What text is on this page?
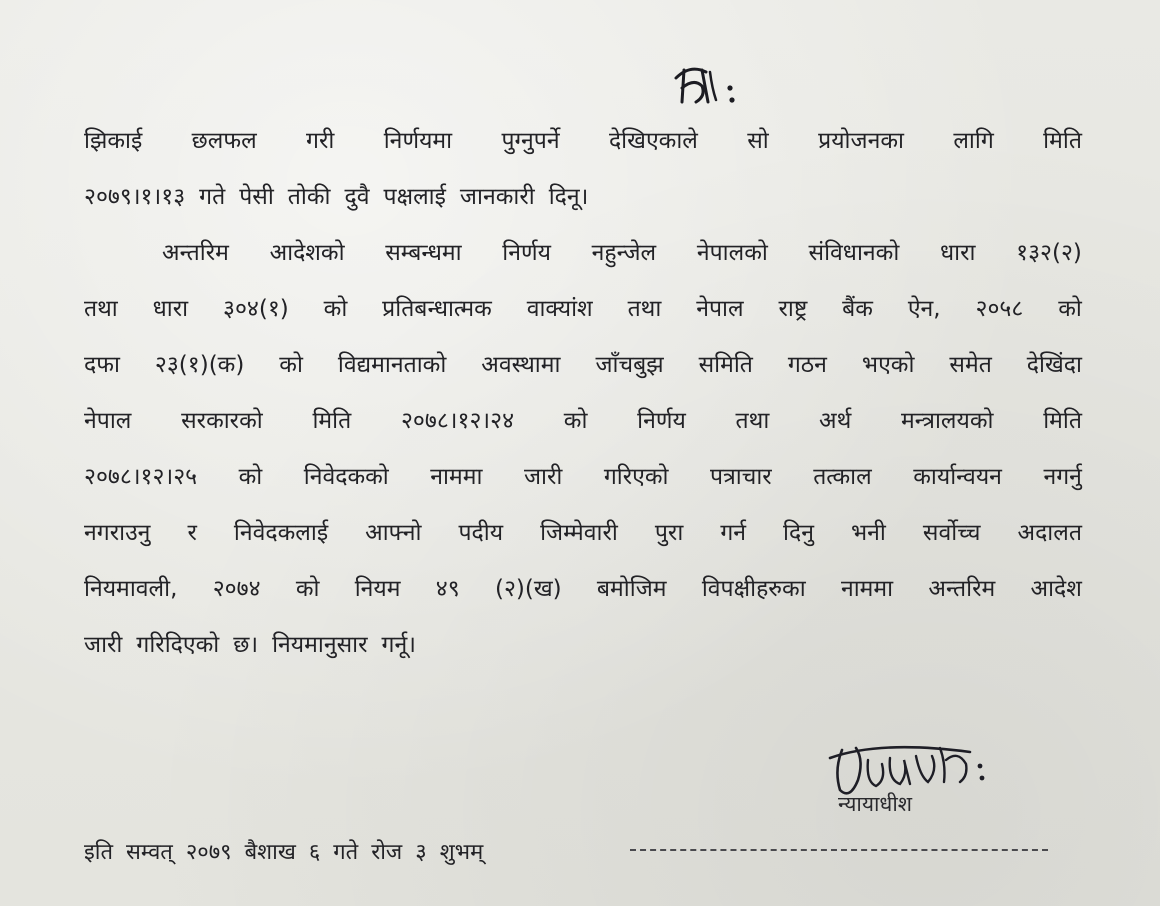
झिकाई छलफल गरी निर्णयमा पुग्नुपर्ने देखिएकाले सो प्रयोजनका लागि मिति
२०७९।१।१३ गते पेसी तोकी दुवै पक्षलाई जानकारी दिनू।
अन्तरिम आदेशको सम्बन्धमा निर्णय नहुन्जेल नेपालको संविधानको धारा १३२(२)
तथा धारा ३०४(१) को प्रतिबन्धात्मक वाक्यांश तथा नेपाल राष्ट्र बैंक ऐन, २०५८ को
दफा २३(१)(क) को विद्यमानताको अवस्थामा जाँचबुझ समिति गठन भएको समेत देखिंदा
नेपाल सरकारको मिति २०७८।१२।२४ को निर्णय तथा अर्थ मन्त्रालयको मिति
२०७८।१२।२५ को निवेदकको नाममा जारी गरिएको पत्राचार तत्काल कार्यान्वयन नगर्नु
नगराउनु र निवेदकलाई आफ्नो पदीय जिम्मेवारी पुरा गर्न दिनु भनी सर्वोच्च अदालत
नियमावली, २०७४ को नियम ४९ (२)(ख) बमोजिम विपक्षीहरुका नाममा अन्तरिम आदेश
जारी गरिदिएको छ। नियमानुसार गर्नू।
न्यायाधीश
इति सम्वत् २०७९ बैशाख ६ गते रोज ३ शुभम्
